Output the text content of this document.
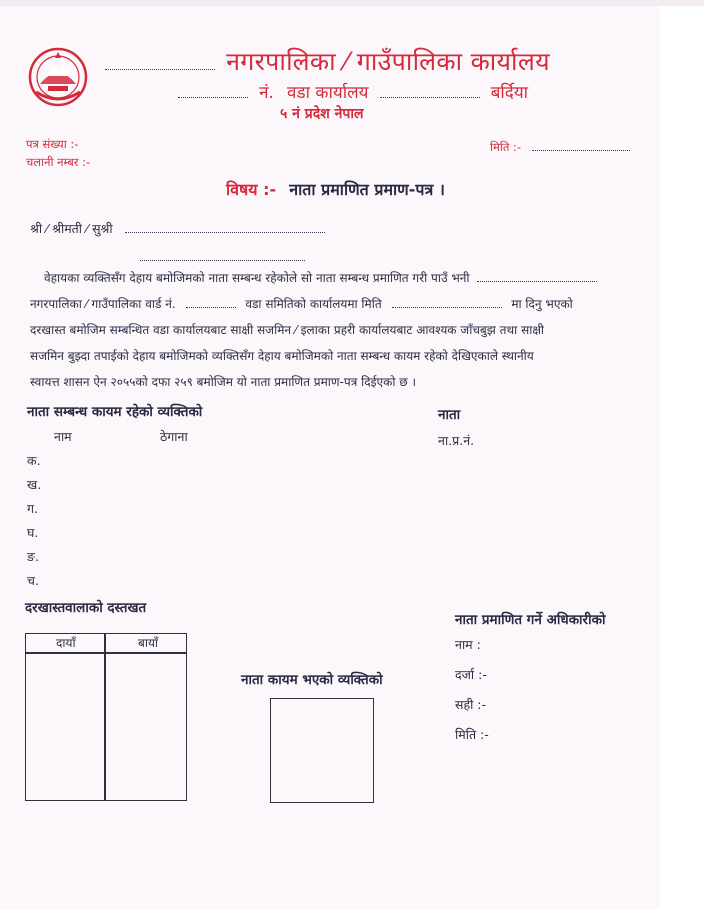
नगरपालिका ⁄ गाउँपालिका कार्यालय
नं. वडा कार्यालय	बर्दिया
५ नं प्रदेश नेपाल
पत्र संख्या :-
चलानी नम्बर :-
मिति :-
विषय :- नाता प्रमाणित प्रमाण-पत्र ।
श्री ⁄ श्रीमती ⁄ सुश्री
वेहायका व्यक्तिसँग देहाय बमोजिमको नाता सम्बन्ध रहेकोले सो नाता सम्बन्ध प्रमाणित गरी पाउँ भनी
नगरपालिका ⁄ गाउँपालिका वार्ड नं.	वडा समितिको कार्यालयमा मिति	मा दिनु भएको
दरखास्त बमोजिम सम्बन्धित वडा कार्यालयबाट साक्षी सजमिन ⁄ इलाका प्रहरी कार्यालयबाट आवश्यक जाँचबुझ तथा साक्षी
सजमिन बुझ्दा तपाईको देहाय बमोजिमको व्यक्तिसँग देहाय बमोजिमको नाता सम्बन्ध कायम रहेको देखिएकाले स्थानीय
स्वायत्त शासन ऐन २०५५को दफा २५९ बमोजिम यो नाता प्रमाणित प्रमाण-पत्र दिईएको छ ।
नाता सम्बन्ध कायम रहेको व्यक्तिको	नाता
नाम	ठेगाना	ना.प्र.नं.
क.
ख.
ग.
घ.
ङ.
च.
दरखास्तवालाको दस्तखत
दायाँ	बायाँ
नाता कायम भएको व्यक्तिको
नाता प्रमाणित गर्ने अधिकारीको
नाम :
दर्जा :-
सही :-
मिति :-
